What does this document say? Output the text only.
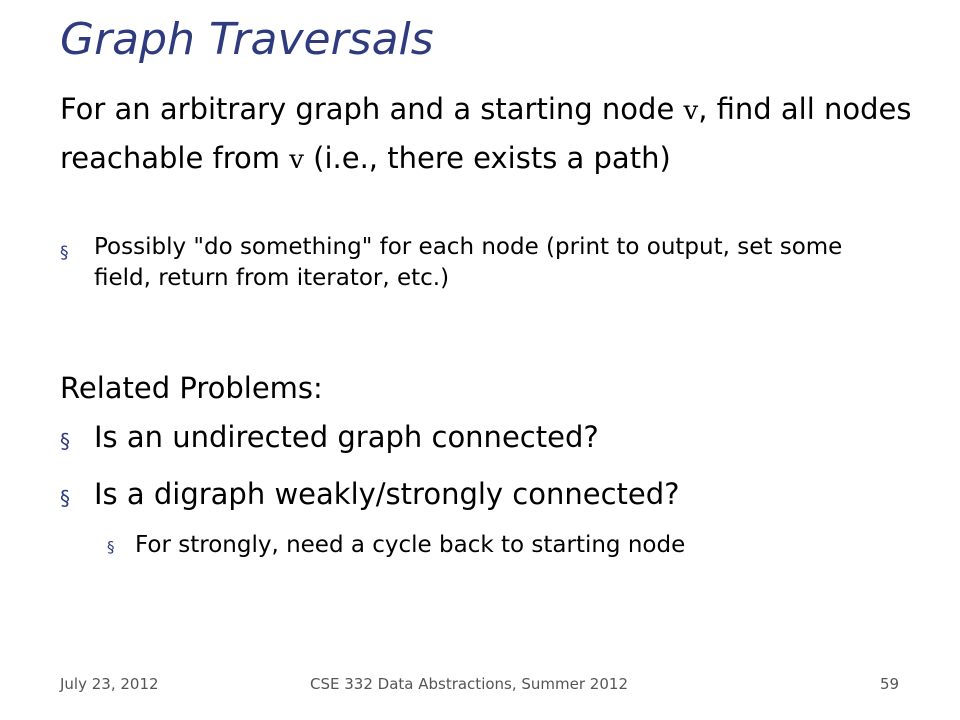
Graph Traversals
For an arbitrary graph and a starting node v, find all nodes reachable from v (i.e., there exists a path)
§	Possibly "do something" for each node (print to output, set some field, return from iterator, etc.)
Related Problems:
§ Is an undirected graph connected?
§ Is a digraph weakly/strongly connected?
§ For strongly, need a cycle back to starting node
July 23, 2012	CSE 332 Data Abstractions, Summer 2012	59
